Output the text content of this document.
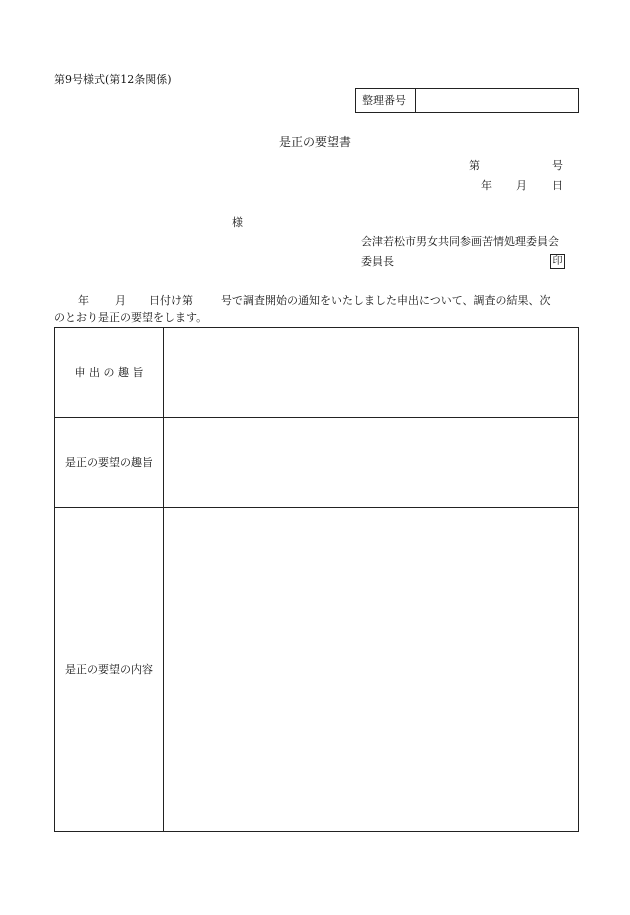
第9号様式(第12条関係)
整理番号
是正の要望書
第	号
年 月 日
様
会津若松市男女共同参画苦情処理委員会
委員長	印
年 月 日付け第	号で調査開始の通知をいたしました申出について、調査の結果、次
のとおり是正の要望をします。
申 出 の 趣 旨
是正の要望の趣旨
是正の要望の内容
